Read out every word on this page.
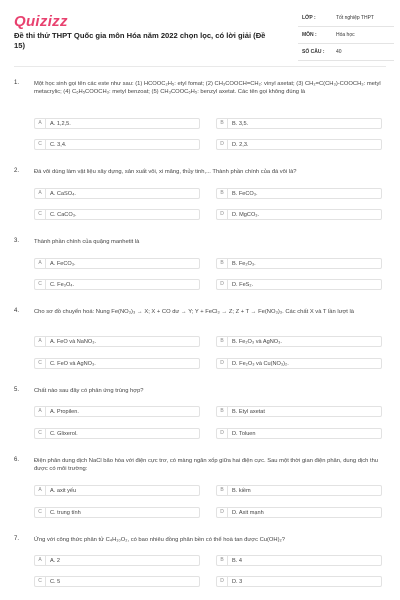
Quizizz
Đề thi thử THPT Quốc gia môn Hóa năm 2022 chọn lọc, có lời giải (Đề 15)
LỚP :	Tốt nghiệp THPT
MÔN :	Hóa học
SỐ CÂU : 40
1.	Một học sinh gọi tên các este như sau: (1) HCOOC₂H₅: etyl fomat; (2) CH₃COOCH=CH₂: vinyl axetat; (3) CH₂=C(CH₃)-COOCH₃: metyl metacrylic; (4) C₆H₅COOCH₃: metyl benzoat; (5) CH₃COOC₆H₅: benzyl axetat. Các tên gọi không đúng là
A	A. 1,2,5.	B	B. 3,5.
C	C. 3,4.	D	D. 2,3.
2.	Đá vôi dùng làm vật liệu xây dựng, sản xuất vôi, xi măng, thủy tinh,... Thành phần chính của đá vôi là?
A	A. CaSO₄.	B	B. FeCO₃.
C	C. CaCO₃.	D	D. MgCO₃.
3.	Thành phần chính của quặng manhetit là
A	A. FeCO₃.	B	B. Fe₂O₃.
C	C. Fe₃O₄.	D	D. FeS₂.
4.	Cho sơ đồ chuyển hoá: Nung Fe(NO₃)₃ → X; X + CO dư → Y; Y + FeCl₃ → Z; Z + T → Fe(NO₃)₃. Các chất X và T lần lượt là
A	A. FeO và NaNO₃.	B	B. Fe₂O₃ và AgNO₃.
C	C. FeO và AgNO₃.	D	D. Fe₂O₃ và Cu(NO₃)₂.
5.	Chất nào sau đây có phản ứng trùng hợp?
A	A. Propilen.	B	B. Etyl axetat
C	C. Glixerol.	D	D. Toluen
6.	Điện phân dung dịch NaCl bão hòa với điện cực trơ, có màng ngăn xốp giữa hai điện cực. Sau một thời gian điện phân, dung dịch thu được có môi trường:
A	A. axit yếu	B	B. kiềm
C	C. trung tính	D	D. Axit mạnh
7.	Ứng với công thức phân tử C₄H₁₀O₂, có bao nhiêu đồng phân bền có thể hoà tan được Cu(OH)₂?
A	A. 2	B	B. 4
C	C. 5	D	D. 3
